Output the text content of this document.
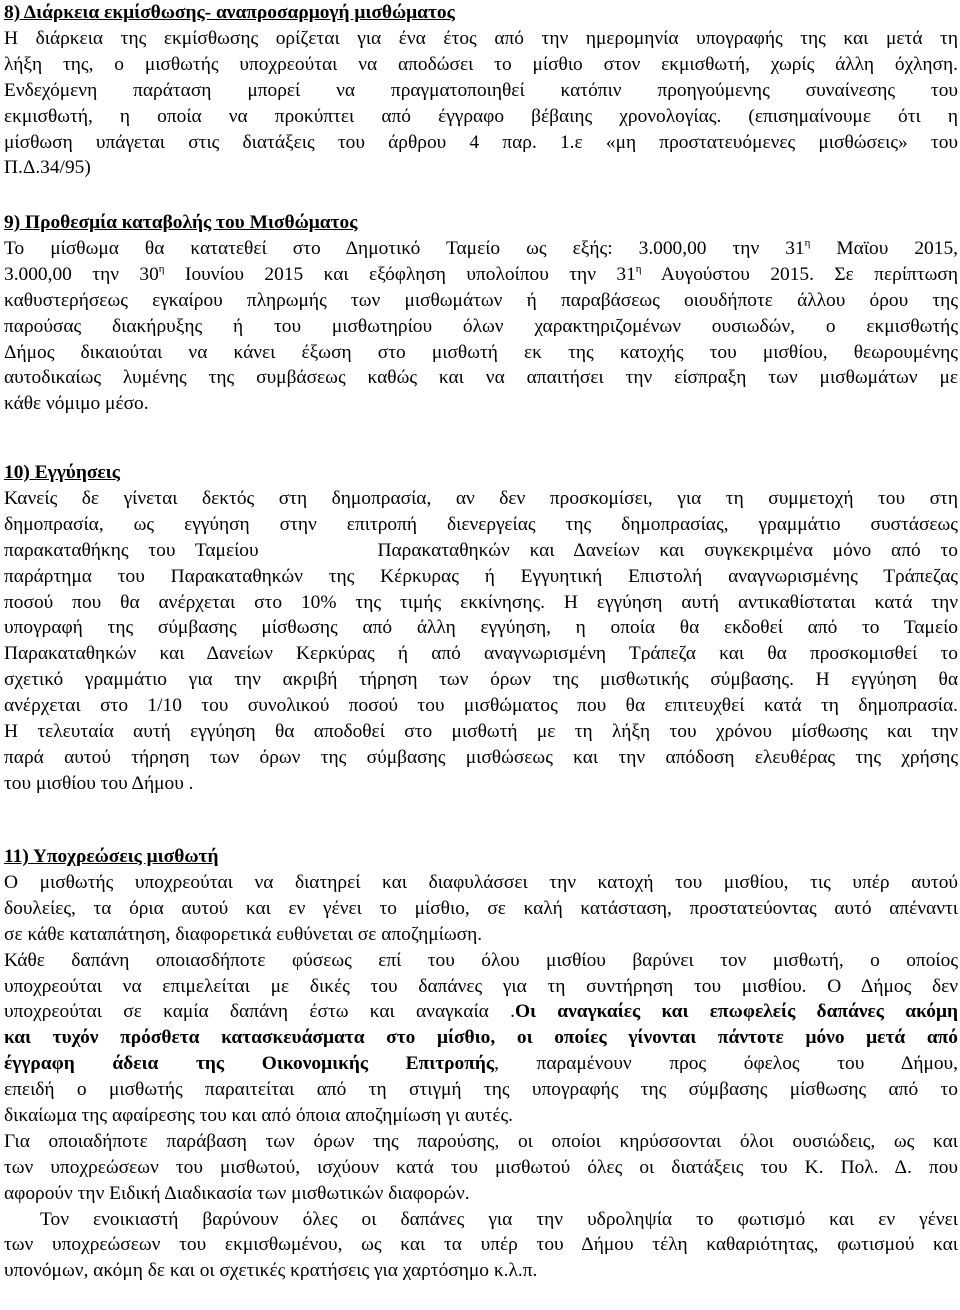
8) Διάρκεια εκμίσθωσης- αναπροσαρμογή μισθώματος
Η διάρκεια της εκμίσθωσης ορίζεται για ένα έτος από την ημερομηνία υπογραφής της και μετά τη
λήξη της, ο μισθωτής υποχρεούται να αποδώσει το μίσθιο στον εκμισθωτή, χωρίς άλλη όχληση.
Ενδεχόμενη παράταση μπορεί να πραγματοποιηθεί κατόπιν προηγούμενης συναίνεσης του
εκμισθωτή, η οποία να προκύπτει από έγγραφο βέβαιης χρονολογίας. (επισημαίνουμε ότι η
μίσθωση υπάγεται στις διατάξεις του άρθρου 4 παρ. 1.ε «μη προστατευόμενες μισθώσεις» του
Π.Δ.34/95)
9) Προθεσμία καταβολής του Μισθώματος
Το μίσθωμα θα κατατεθεί στο Δημοτικό Ταμείο ως εξής: 3.000,00 την $31^\eta$ Μαϊου 2015,
3.000,00 την $30^\eta$ Ιουνίου 2015 και εξόφληση υπολοίπου την $31^\eta$ Αυγούστου 2015. Σε περίπτωση
καθυστερήσεως εγκαίρου πληρωμής των μισθωμάτων ή παραβάσεως οιουδήποτε άλλου όρου της
παρούσας διακήρυξης ή του μισθωτηρίου όλων χαρακτηριζομένων ουσιωδών, ο εκμισθωτής
Δήμος δικαιούται να κάνει έξωση στο μισθωτή εκ της κατοχής του μισθίου, θεωρουμένης
αυτοδικαίως λυμένης της συμβάσεως καθώς και να απαιτήσει την είσπραξη των μισθωμάτων με
κάθε νόμιμο μέσο.
10) Εγγύησεις
Κανείς δε γίνεται δεκτός στη δημοπρασία, αν δεν προσκομίσει, για τη συμμετοχή του στη
δημοπρασία, ως εγγύηση στην επιτροπή διενεργείας της δημοπρασίας, γραμμάτιο συστάσεως
παρακαταθήκης του Ταμείου      Παρακαταθηκών και Δανείων και συγκεκριμένα μόνο από το
παράρτημα του Παρακαταθηκών της Κέρκυρας ή Εγγυητική Επιστολή αναγνωρισμένης Τράπεζας
ποσού που θα ανέρχεται στο 10% της τιμής εκκίνησης. Η εγγύηση αυτή αντικαθίσταται κατά την
υπογραφή της σύμβασης μίσθωσης από άλλη εγγύηση, η οποία θα εκδοθεί από το Ταμείο
Παρακαταθηκών και Δανείων Κερκύρας ή από αναγνωρισμένη Τράπεζα και θα προσκομισθεί το
σχετικό γραμμάτιο για την ακριβή τήρηση των όρων της μισθωτικής σύμβασης. Η εγγύηση θα
ανέρχεται στο 1/10 του συνολικού ποσού του μισθώματος που θα επιτευχθεί κατά τη δημοπρασία.
Η τελευταία αυτή εγγύηση θα αποδοθεί στο μισθωτή με τη λήξη του χρόνου μίσθωσης και την
παρά αυτού τήρηση των όρων της σύμβασης μισθώσεως και την απόδοση ελευθέρας της χρήσης
του μισθίου του Δήμου .
11) Υποχρεώσεις μισθωτή
Ο μισθωτής υποχρεούται να διατηρεί και διαφυλάσσει την κατοχή του μισθίου, τις υπέρ αυτού
δουλείες, τα όρια αυτού και εν γένει το μίσθιο, σε καλή κατάσταση, προστατεύοντας αυτό απέναντι
σε κάθε καταπάτηση, διαφορετικά ευθύνεται σε αποζημίωση.
Κάθε δαπάνη οποιασδήποτε φύσεως επί του όλου μισθίου βαρύνει τον μισθωτή, ο οποίος
υποχρεούται να επιμελείται με δικές του δαπάνες για τη συντήρηση του μισθίου. Ο Δήμος δεν
υποχρεούται σε καμία δαπάνη έστω και αναγκαία .Οι αναγκαίες και επωφελείς δαπάνες ακόμη
και τυχόν πρόσθετα κατασκευάσματα στο μίσθιο, οι οποίες γίνονται πάντοτε μόνο μετά από
έγγραφη άδεια της Οικονομικής Επιτροπής, παραμένουν προς όφελος του Δήμου,
επειδή ο μισθωτής παραιτείται από τη στιγμή της υπογραφής της σύμβασης μίσθωσης από το
δικαίωμα της αφαίρεσης του και από όποια αποζημίωση γι αυτές.
Για οποιαδήποτε παράβαση των όρων της παρούσης, οι οποίοι κηρύσσονται όλοι ουσιώδεις, ως και
των υποχρεώσεων του μισθωτού, ισχύουν κατά του μισθωτού όλες οι διατάξεις του Κ. Πολ. Δ. που
αφορούν την Ειδική Διαδικασία των μισθωτικών διαφορών.
Τον ενοικιαστή βαρύνουν όλες οι δαπάνες για την υδροληψία το φωτισμό και εν γένει
των υποχρεώσεων του εκμισθωμένου, ως και τα υπέρ του Δήμου τέλη καθαριότητας, φωτισμού και
υπονόμων, ακόμη δε και οι σχετικές κρατήσεις για χαρτόσημο κ.λ.π.
